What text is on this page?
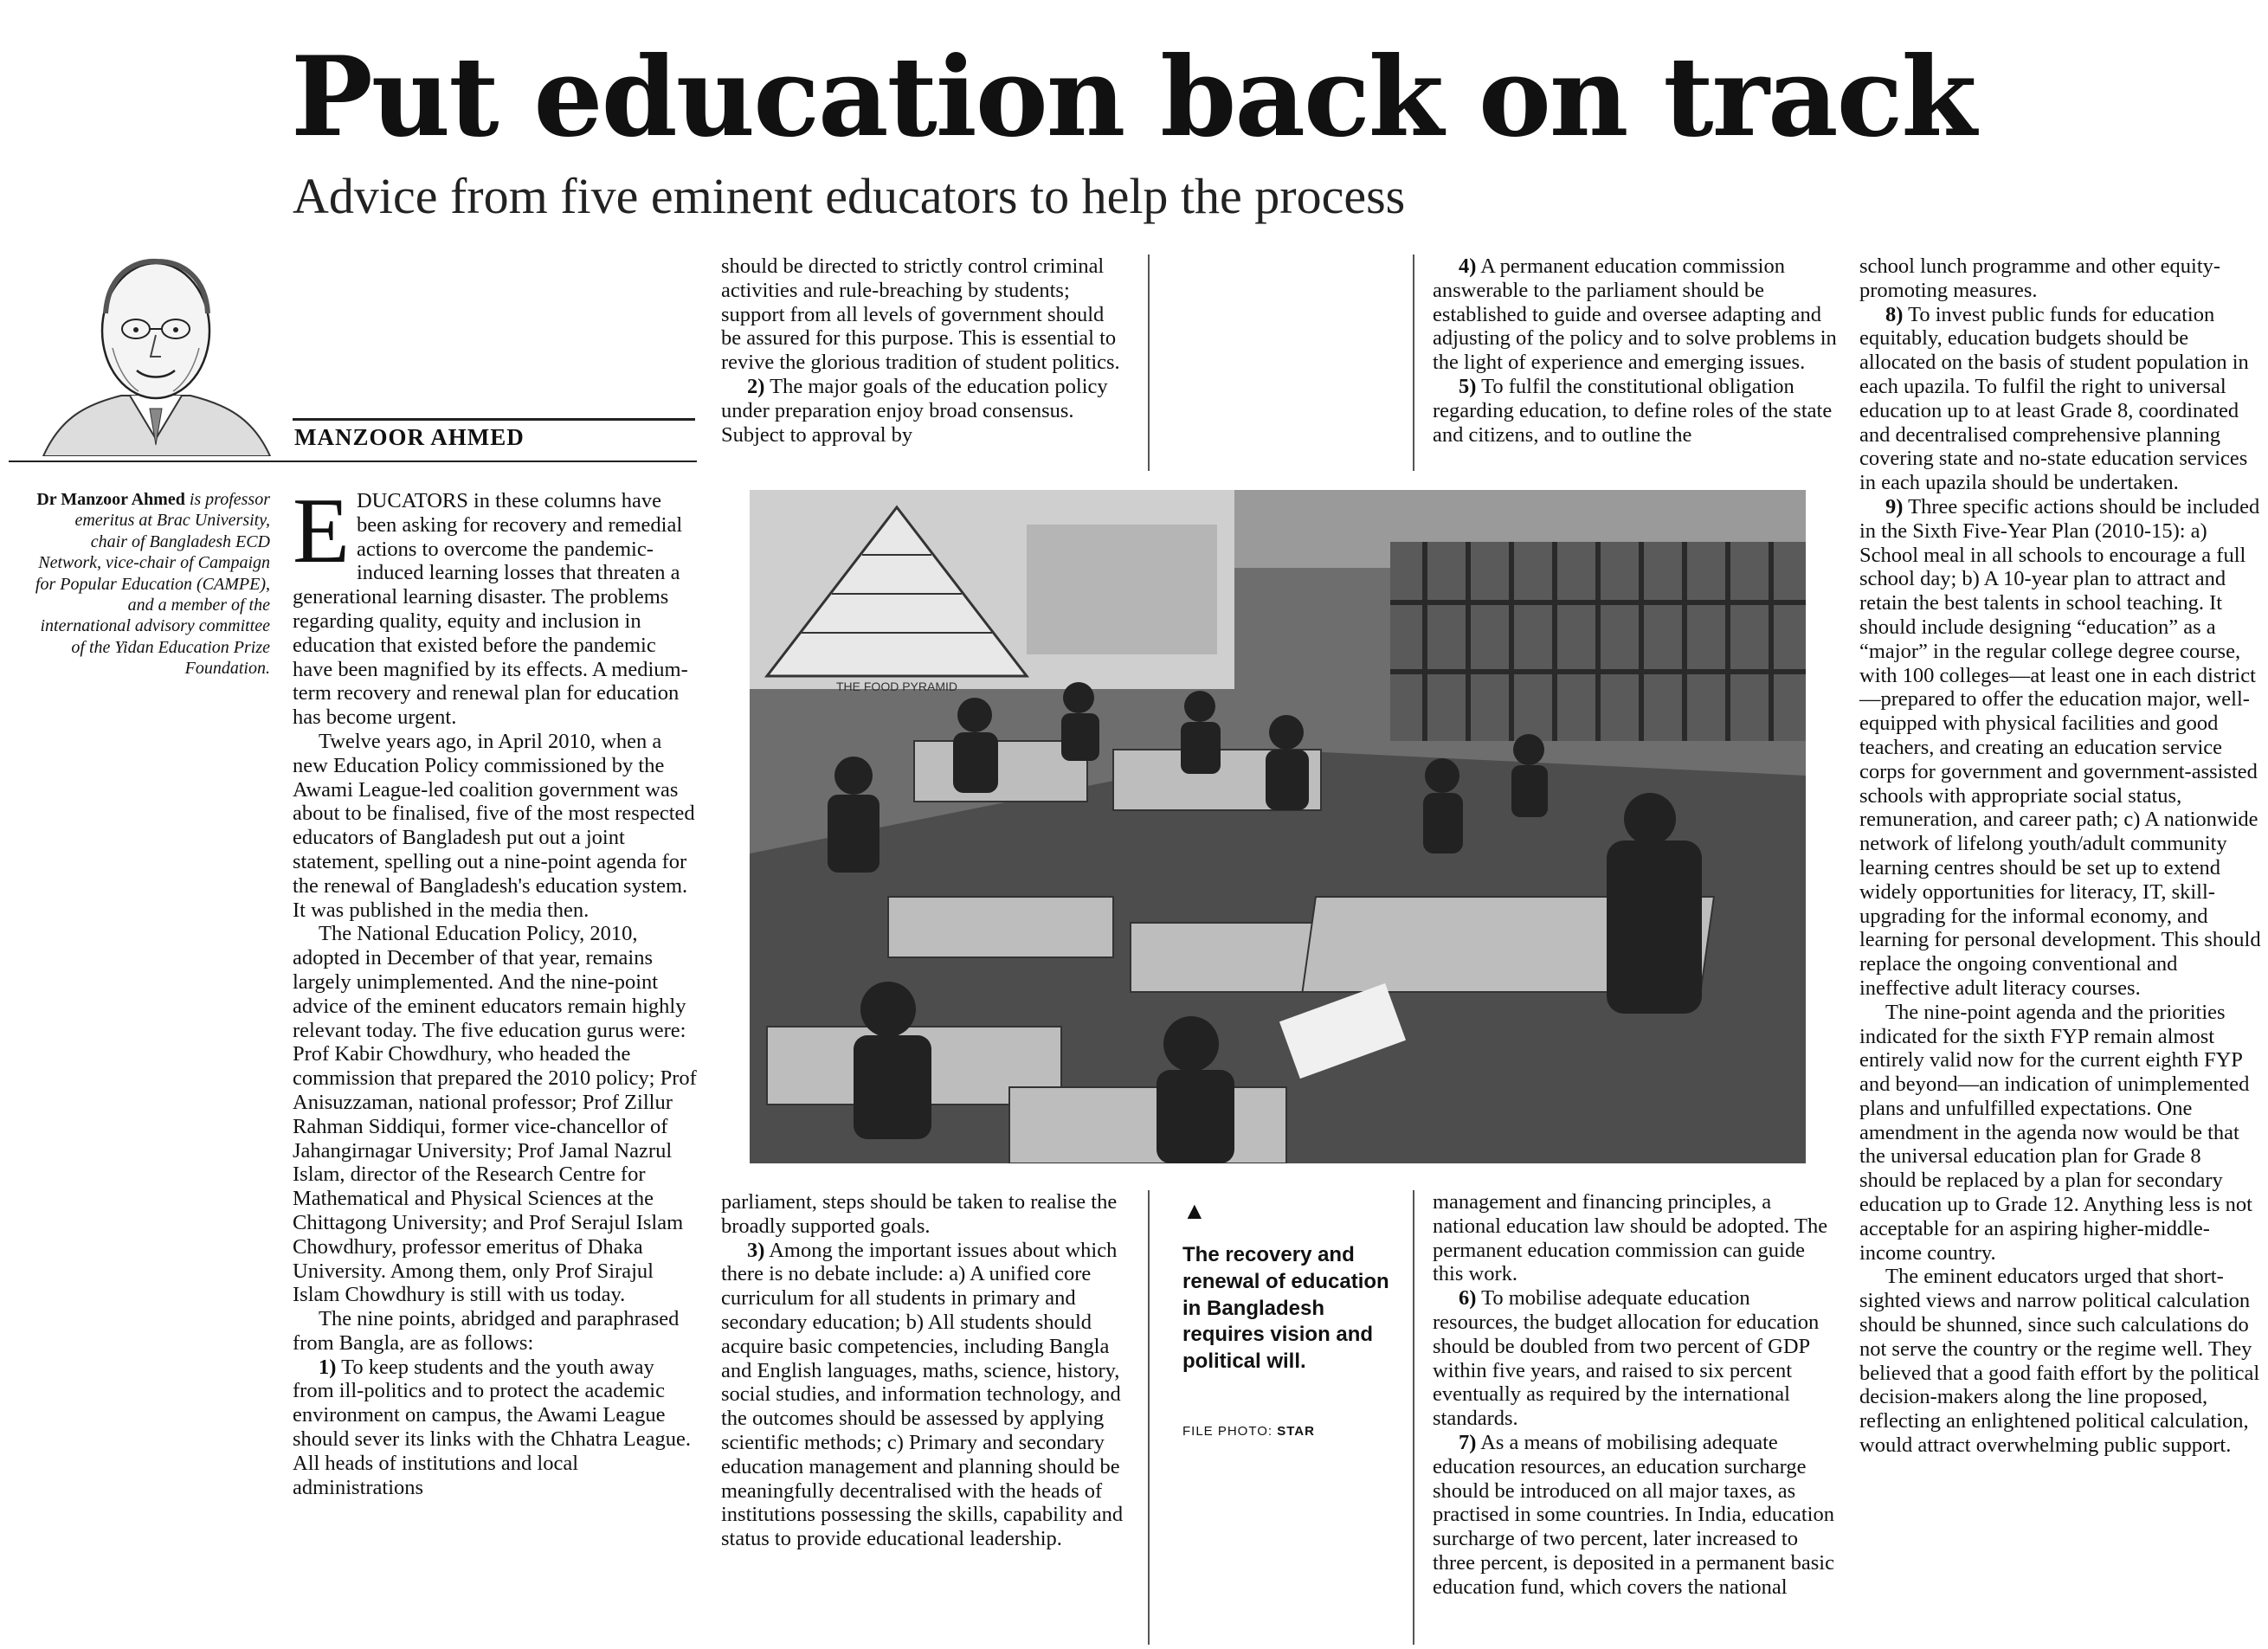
Put education back on track
Advice from five eminent educators to help the process
MANZOOR AHMED
Dr Manzoor Ahmed is professor emeritus at Brac University, chair of Bangladesh ECD Network, vice-chair of Campaign for Popular Education (CAMPE), and a member of the international advisory committee of the Yidan Education Prize Foundation.

EDUCATORS in these columns have been asking for recovery and remedial actions to overcome the pandemic-induced learning losses that threaten a generational learning disaster. The problems regarding quality, equity and inclusion in education that existed before the pandemic have been magnified by its effects. A medium-term recovery and renewal plan for education has become urgent.

Twelve years ago, in April 2010, when a new Education Policy commissioned by the Awami League-led coalition government was about to be finalised, five of the most respected educators of Bangladesh put out a joint statement, spelling out a nine-point agenda for the renewal of Bangladesh's education system. It was published in the media then.

The National Education Policy, 2010, adopted in December of that year, remains largely unimplemented. And the nine-point advice of the eminent educators remain highly relevant today. The five education gurus were: Prof Kabir Chowdhury, who headed the commission that prepared the 2010 policy; Prof Anisuzzaman, national professor; Prof Zillur Rahman Siddiqui, former vice-chancellor of Jahangirnagar University; Prof Jamal Nazrul Islam, director of the Research Centre for Mathematical and Physical Sciences at the Chittagong University; and Prof Serajul Islam Chowdhury, professor emeritus of Dhaka University. Among them, only Prof Sirajul Islam Chowdhury is still with us today.

The nine points, abridged and paraphrased from Bangla, are as follows:

1) To keep students and the youth away from ill-politics and to protect the academic environment on campus, the Awami League should sever its links with the Chhatra League. All heads of institutions and local administrations

should be directed to strictly control criminal activities and rule-breaching by students; support from all levels of government should be assured for this purpose. This is essential to revive the glorious tradition of student politics.

2) The major goals of the education policy under preparation enjoy broad consensus. Subject to approval by

4) A permanent education commission answerable to the parliament should be established to guide and oversee adapting and adjusting of the policy and to solve problems in the light of experience and emerging issues.

5) To fulfil the constitutional obligation regarding education, to define roles of the state and citizens, and to outline the

THE FOOD PYRAMID

parliament, steps should be taken to realise the broadly supported goals.

3) Among the important issues about which there is no debate include: a) A unified core curriculum for all students in primary and secondary education; b) All students should acquire basic competencies, including Bangla and English languages, maths, science, history, social studies, and information technology, and the outcomes should be assessed by applying scientific methods; c) Primary and secondary education management and planning should be meaningfully decentralised with the heads of institutions possessing the skills, capability and status to provide educational leadership.

▲
The recovery and renewal of education in Bangladesh requires vision and political will.
FILE PHOTO: STAR

management and financing principles, a national education law should be adopted. The permanent education commission can guide this work.

6) To mobilise adequate education resources, the budget allocation for education should be doubled from two percent of GDP within five years, and raised to six percent eventually as required by the international standards.

7) As a means of mobilising adequate education resources, an education surcharge should be introduced on all major taxes, as practised in some countries. In India, education surcharge of two percent, later increased to three percent, is deposited in a permanent basic education fund, which covers the national

school lunch programme and other equity-promoting measures.

8) To invest public funds for education equitably, education budgets should be allocated on the basis of student population in each upazila. To fulfil the right to universal education up to at least Grade 8, coordinated and decentralised comprehensive planning covering state and no-state education services in each upazila should be undertaken.

9) Three specific actions should be included in the Sixth Five-Year Plan (2010-15): a) School meal in all schools to encourage a full school day; b) A 10-year plan to attract and retain the best talents in school teaching. It should include designing “education” as a “major” in the regular college degree course, with 100 colleges—at least one in each district—prepared to offer the education major, well-equipped with physical facilities and good teachers, and creating an education service corps for government and government-assisted schools with appropriate social status, remuneration, and career path; c) A nationwide network of lifelong youth/adult community learning centres should be set up to extend widely opportunities for literacy, IT, skill-upgrading for the informal economy, and learning for personal development. This should replace the ongoing conventional and ineffective adult literacy courses.

The nine-point agenda and the priorities indicated for the sixth FYP remain almost entirely valid now for the current eighth FYP and beyond—an indication of unimplemented plans and unfulfilled expectations. One amendment in the agenda now would be that the universal education plan for Grade 8 should be replaced by a plan for secondary education up to Grade 12. Anything less is not acceptable for an aspiring higher-middle-income country.

The eminent educators urged that short-sighted views and narrow political calculation should be shunned, since such calculations do not serve the country or the regime well. They believed that a good faith effort by the political decision-makers along the line proposed, reflecting an enlightened political calculation, would attract overwhelming public support.
